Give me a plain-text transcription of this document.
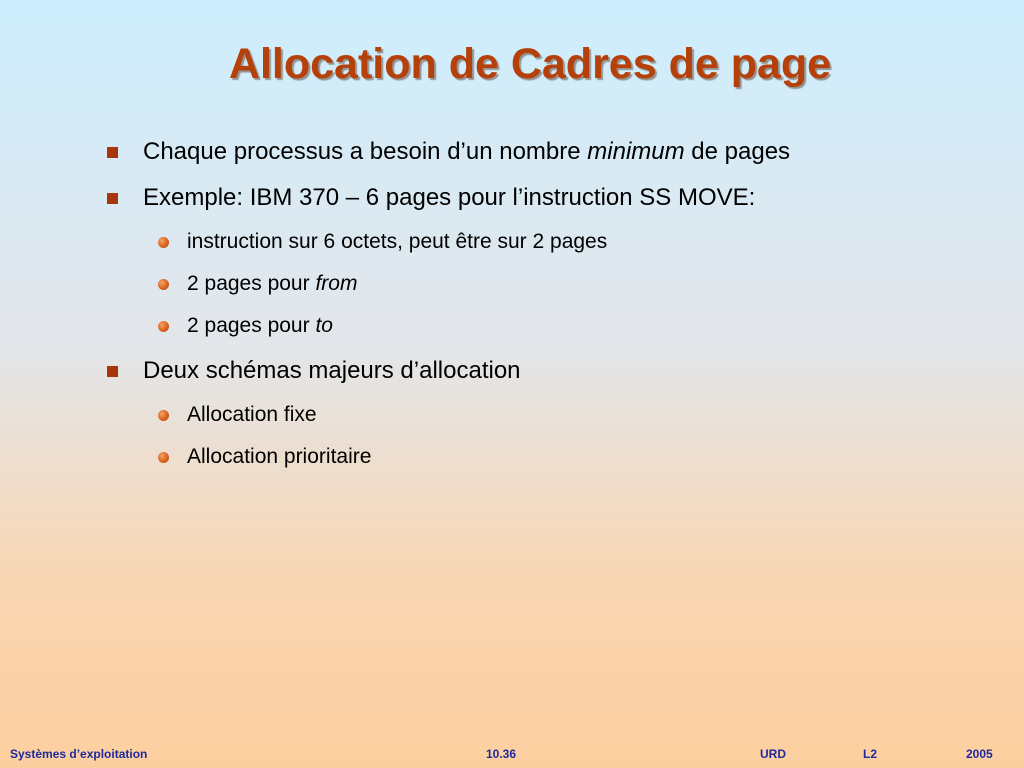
Allocation de Cadres de page
Chaque processus a besoin d’un nombre minimum de pages
Exemple: IBM 370 – 6 pages pour l’instruction SS MOVE:
instruction sur 6 octets, peut être sur 2 pages
2 pages pour from
2 pages pour to
Deux schémas majeurs d’allocation
Allocation fixe
Allocation prioritaire
Systèmes d’exploitation	10.36	URD	L2	2005
